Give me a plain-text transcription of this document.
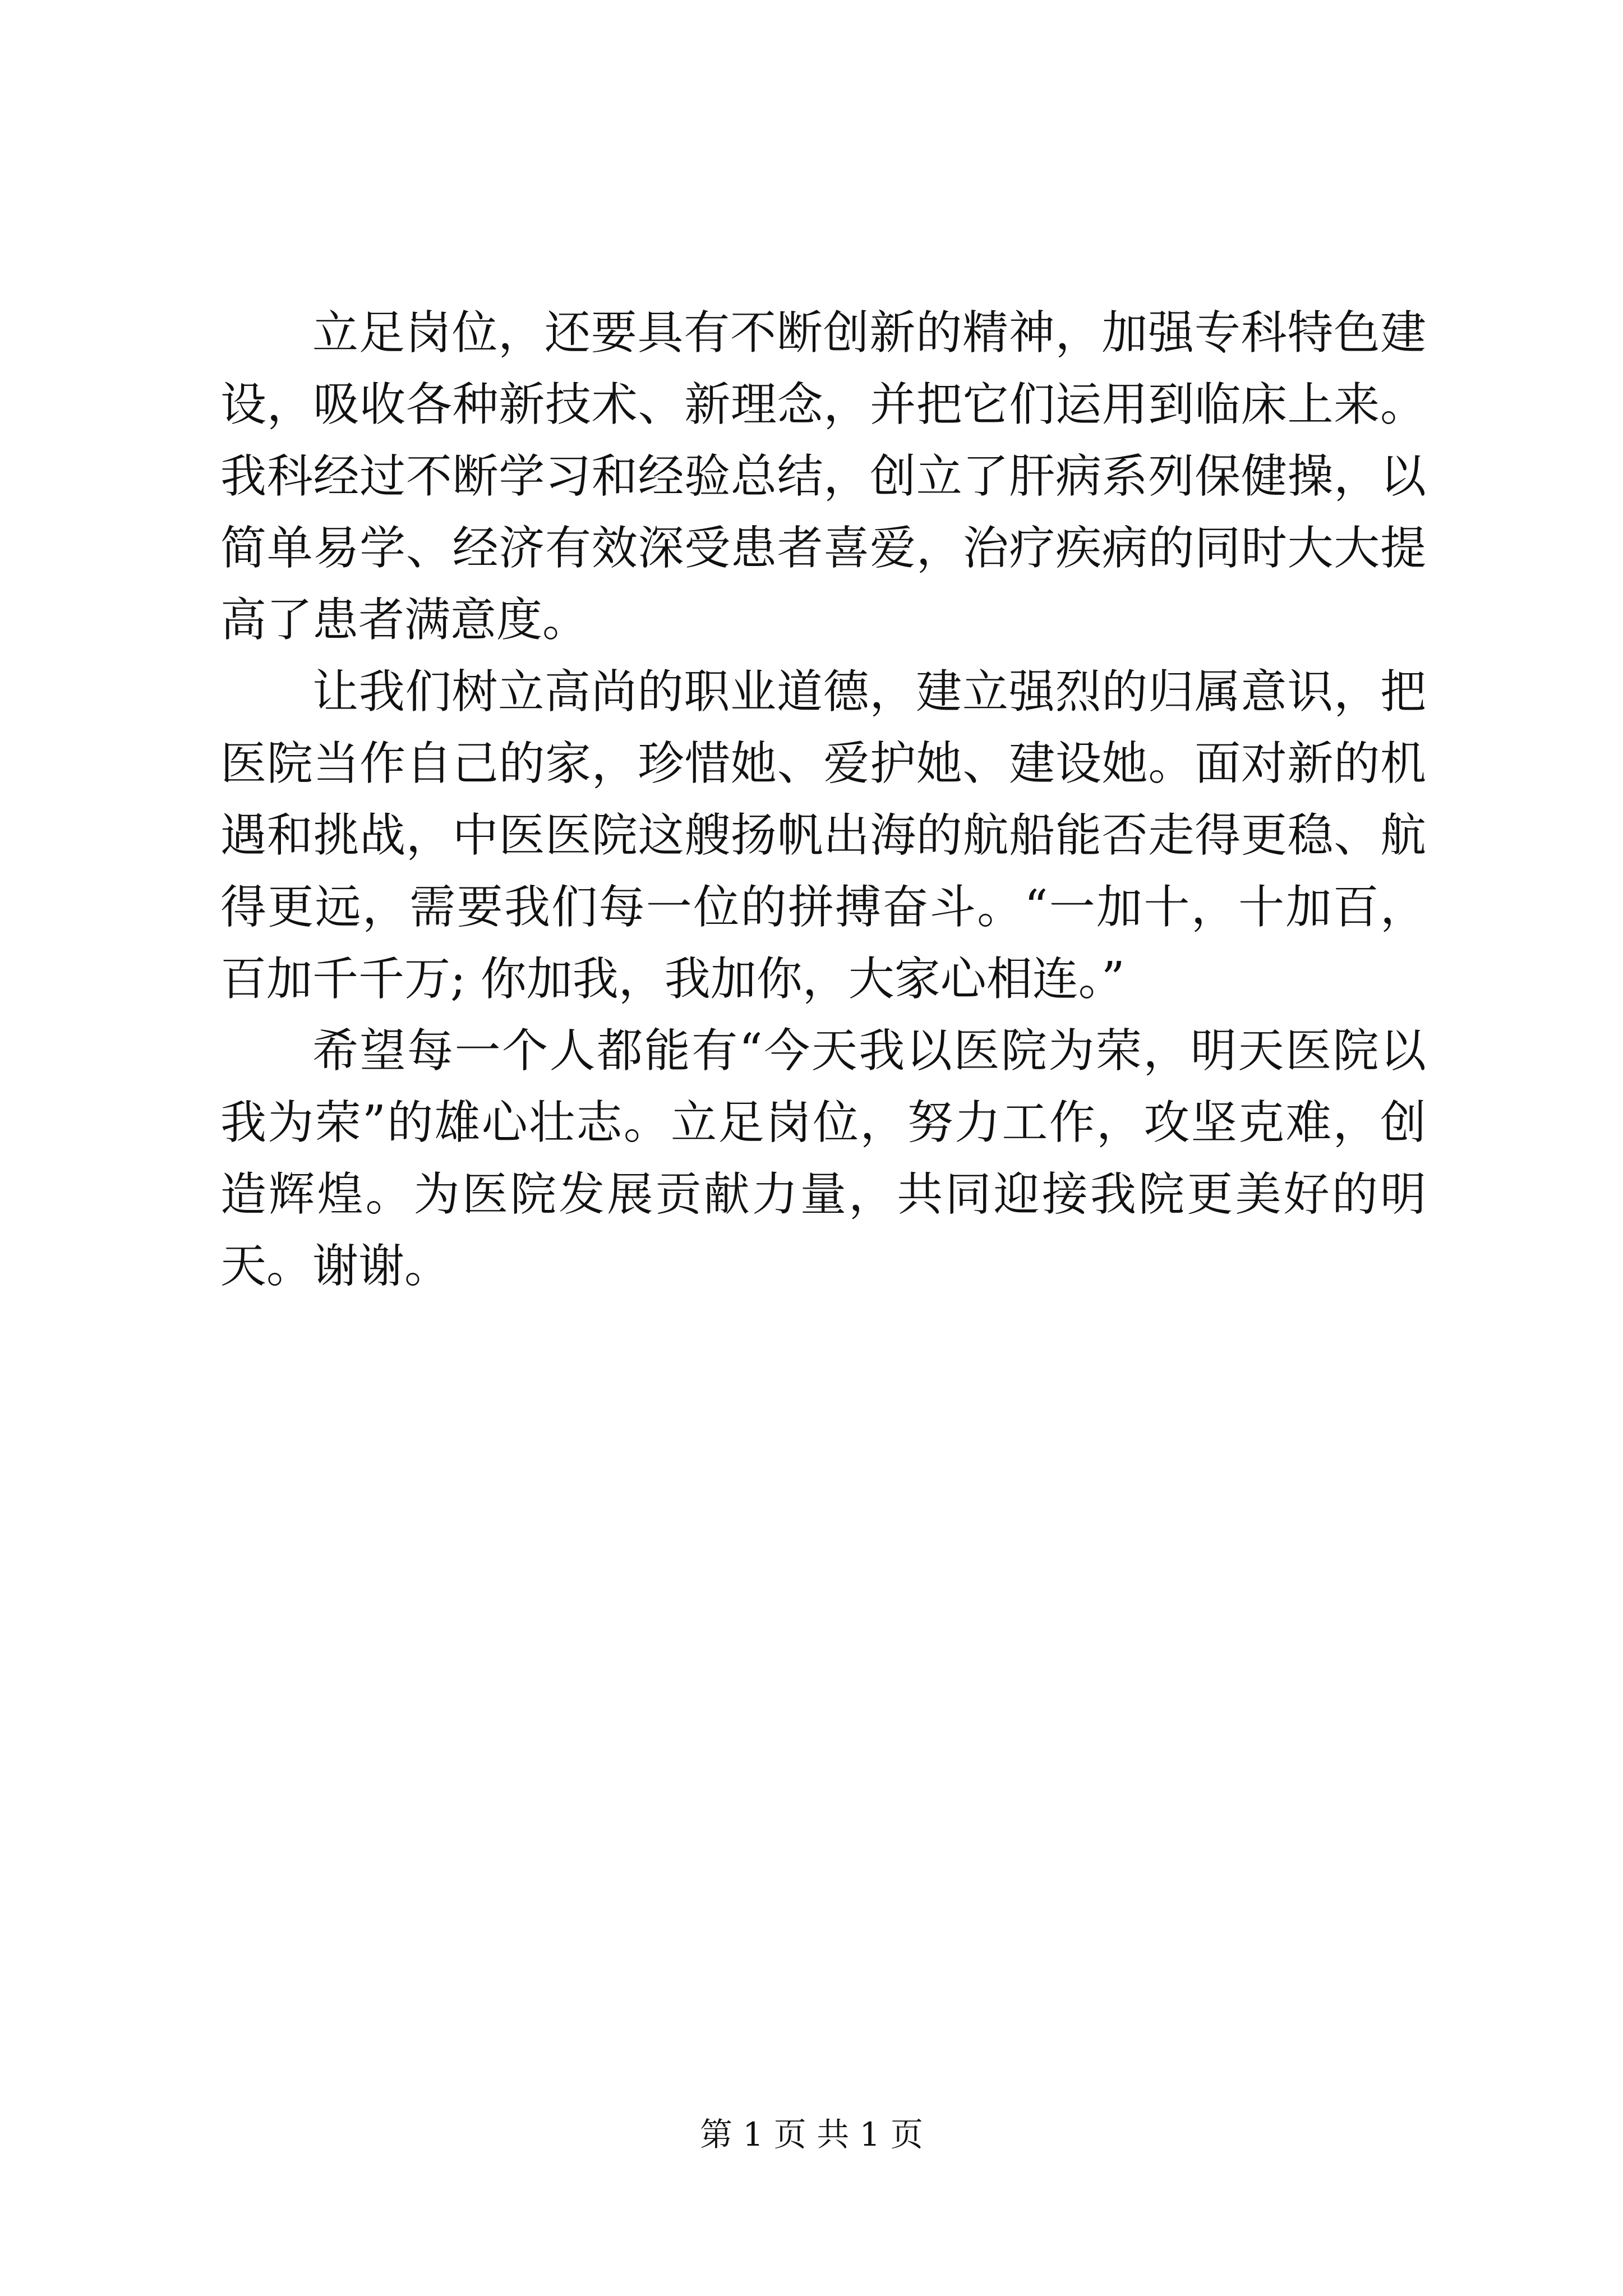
立足岗位，还要具有不断创新的精神，加强专科特色建设，吸收各种新技术、新理念，并把它们运用到临床上来。我科经过不断学习和经验总结，创立了肝病系列保健操，以简单易学、经济有效深受患者喜爱，治疗疾病的同时大大提高了患者满意度。

让我们树立高尚的职业道德，建立强烈的归属意识，把医院当作自己的家，珍惜她、爱护她、建设她。面对新的机遇和挑战，中医医院这艘扬帆出海的航船能否走得更稳、航得更远，需要我们每一位的拼搏奋斗。“一加十，十加百，百加千千万; 你加我，我加你，大家心相连。”

希望每一个人都能有“今天我以医院为荣，明天医院以我为荣”的雄心壮志。立足岗位，努力工作，攻坚克难，创造辉煌。为医院发展贡献力量，共同迎接我院更美好的明天。谢谢。

第 1 页 共 1 页
